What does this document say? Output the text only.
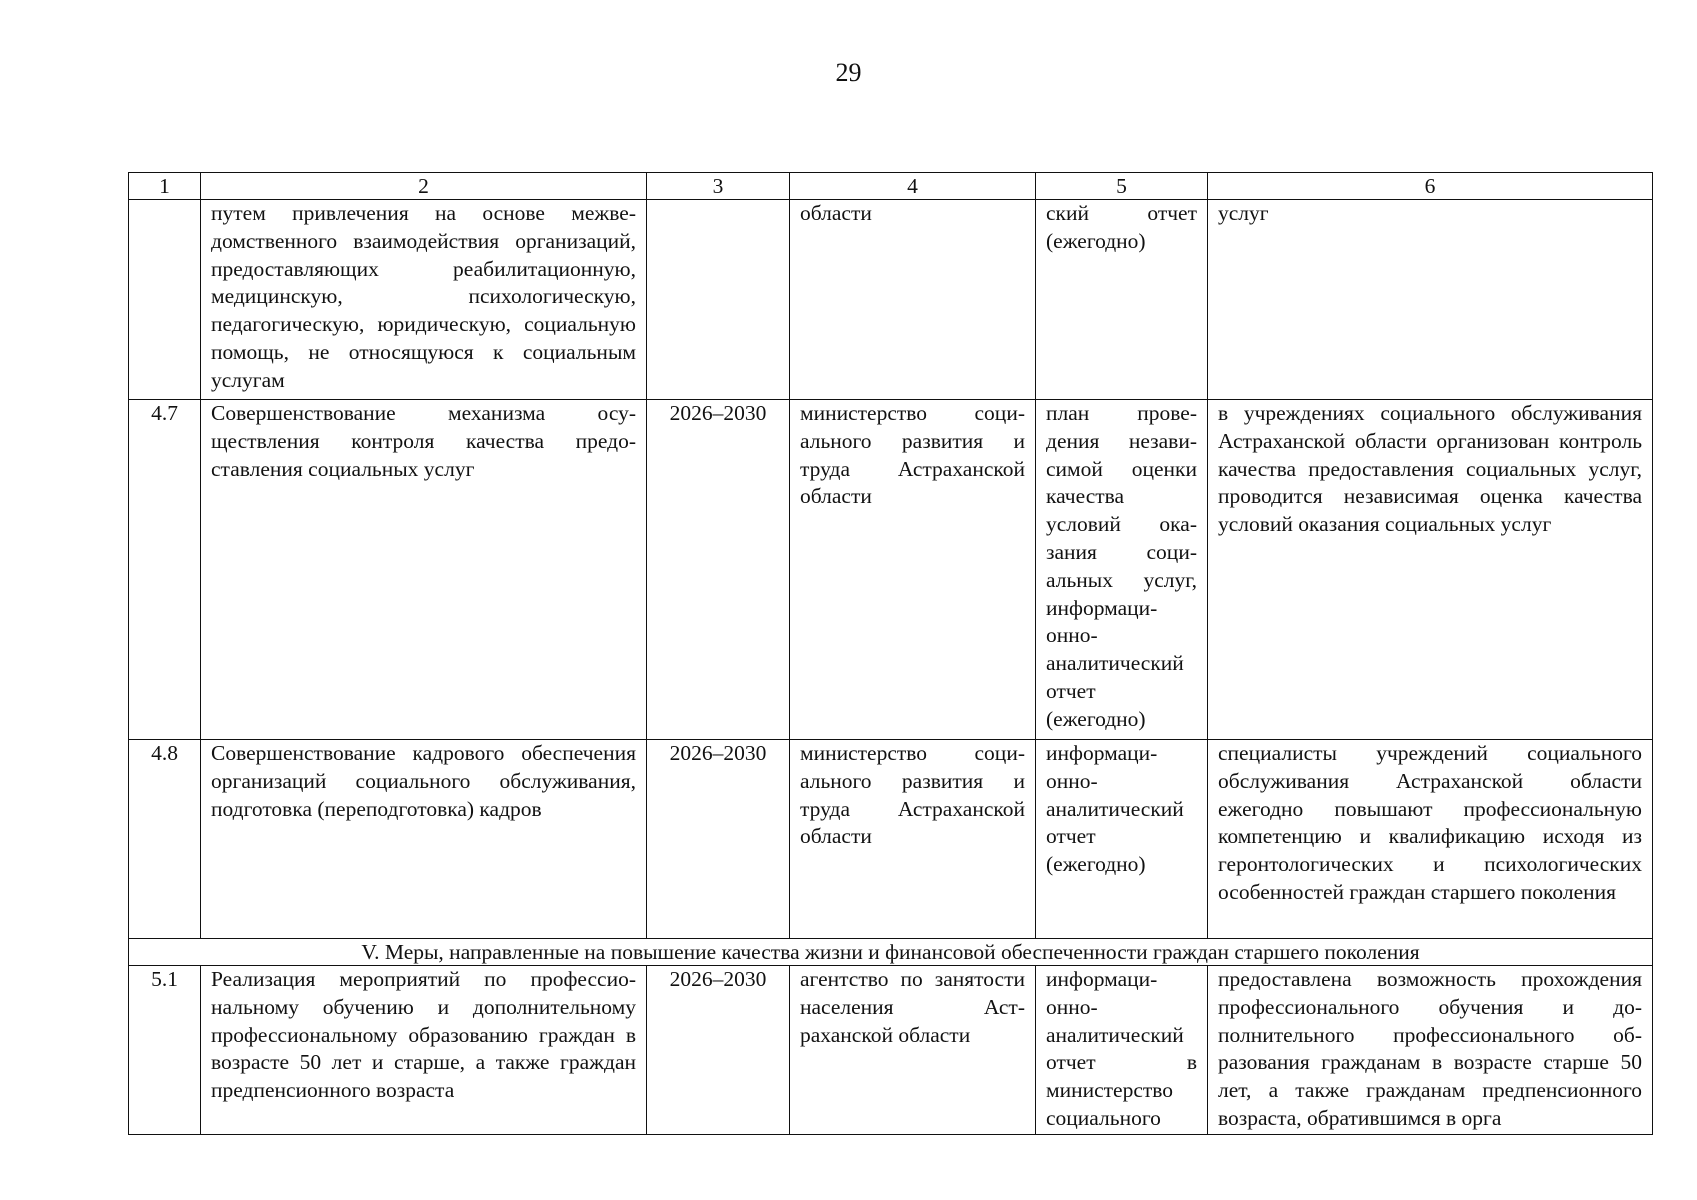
29
1	2	3	4	5	6
	путем привлечения на основе межведомственного взаимодействия организаций, предоставляющих реабилитационную, медицинскую, психологическую, педагогическую, юридическую, социальную помощь, не относящуюся к социальным услугам		области	ский отчет (ежегодно)	услуг
4.7	Совершенствование механизма осуществления контроля качества предоставления социальных услуг	2026–2030	министерство социального развития и труда Астраханской области	план проведения независимой оценки качества условий оказания социальных услуг, информационно-аналитический отчет (ежегодно)	в учреждениях социального обслуживания Астраханской области организован контроль качества предоставления социальных услуг, проводится независимая оценка качества условий оказания социальных услуг
4.8	Совершенствование кадрового обеспечения организаций социального обслуживания, подготовка (переподготовка) кадров	2026–2030	министерство социального развития и труда Астраханской области	информационно-аналитический отчет (ежегодно)	специалисты учреждений социального обслуживания Астраханской области ежегодно повышают профессиональную компетенцию и квалификацию исходя из геронтологических и психологических особенностей граждан старшего поколения
V. Меры, направленные на повышение качества жизни и финансовой обеспеченности граждан старшего поколения					
5.1	Реализация мероприятий по профессиональному обучению и дополнительному профессиональному образованию граждан в возрасте 50 лет и старше, а также граждан предпенсионного возраста	2026–2030	агентство по занятости населения Астраханской области	информационно-аналитический отчет в министерство социального	предоставлена возможность прохождения профессионального обучения и дополнительного профессионального образования гражданам в возрасте старше 50 лет, а также гражданам предпенсионного возраста, обратившимся в орга
